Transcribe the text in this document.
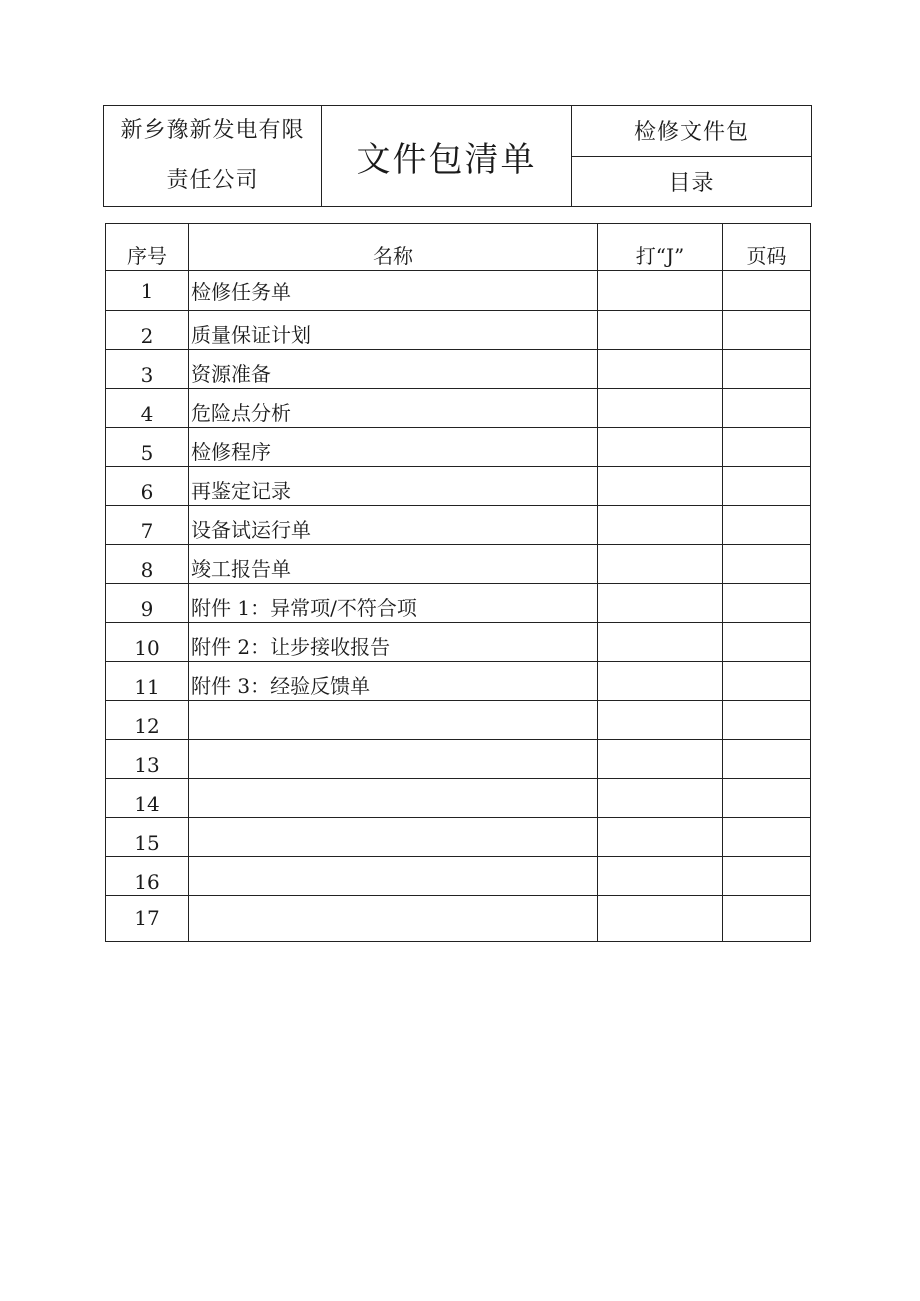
新乡豫新发电有限
责任公司
文件包清单
检修文件包
目录
序号	名称	打“J”	页码
1	检修任务单		
2	质量保证计划		
3	资源准备		
4	危险点分析		
5	检修程序		
6	再鉴定记录		
7	设备试运行单		
8	竣工报告单		
9	附件 1：异常项/不符合项		
10	附件 2：让步接收报告		
11	附件 3：经验反馈单		
12			
13			
14			
15			
16			
17			
